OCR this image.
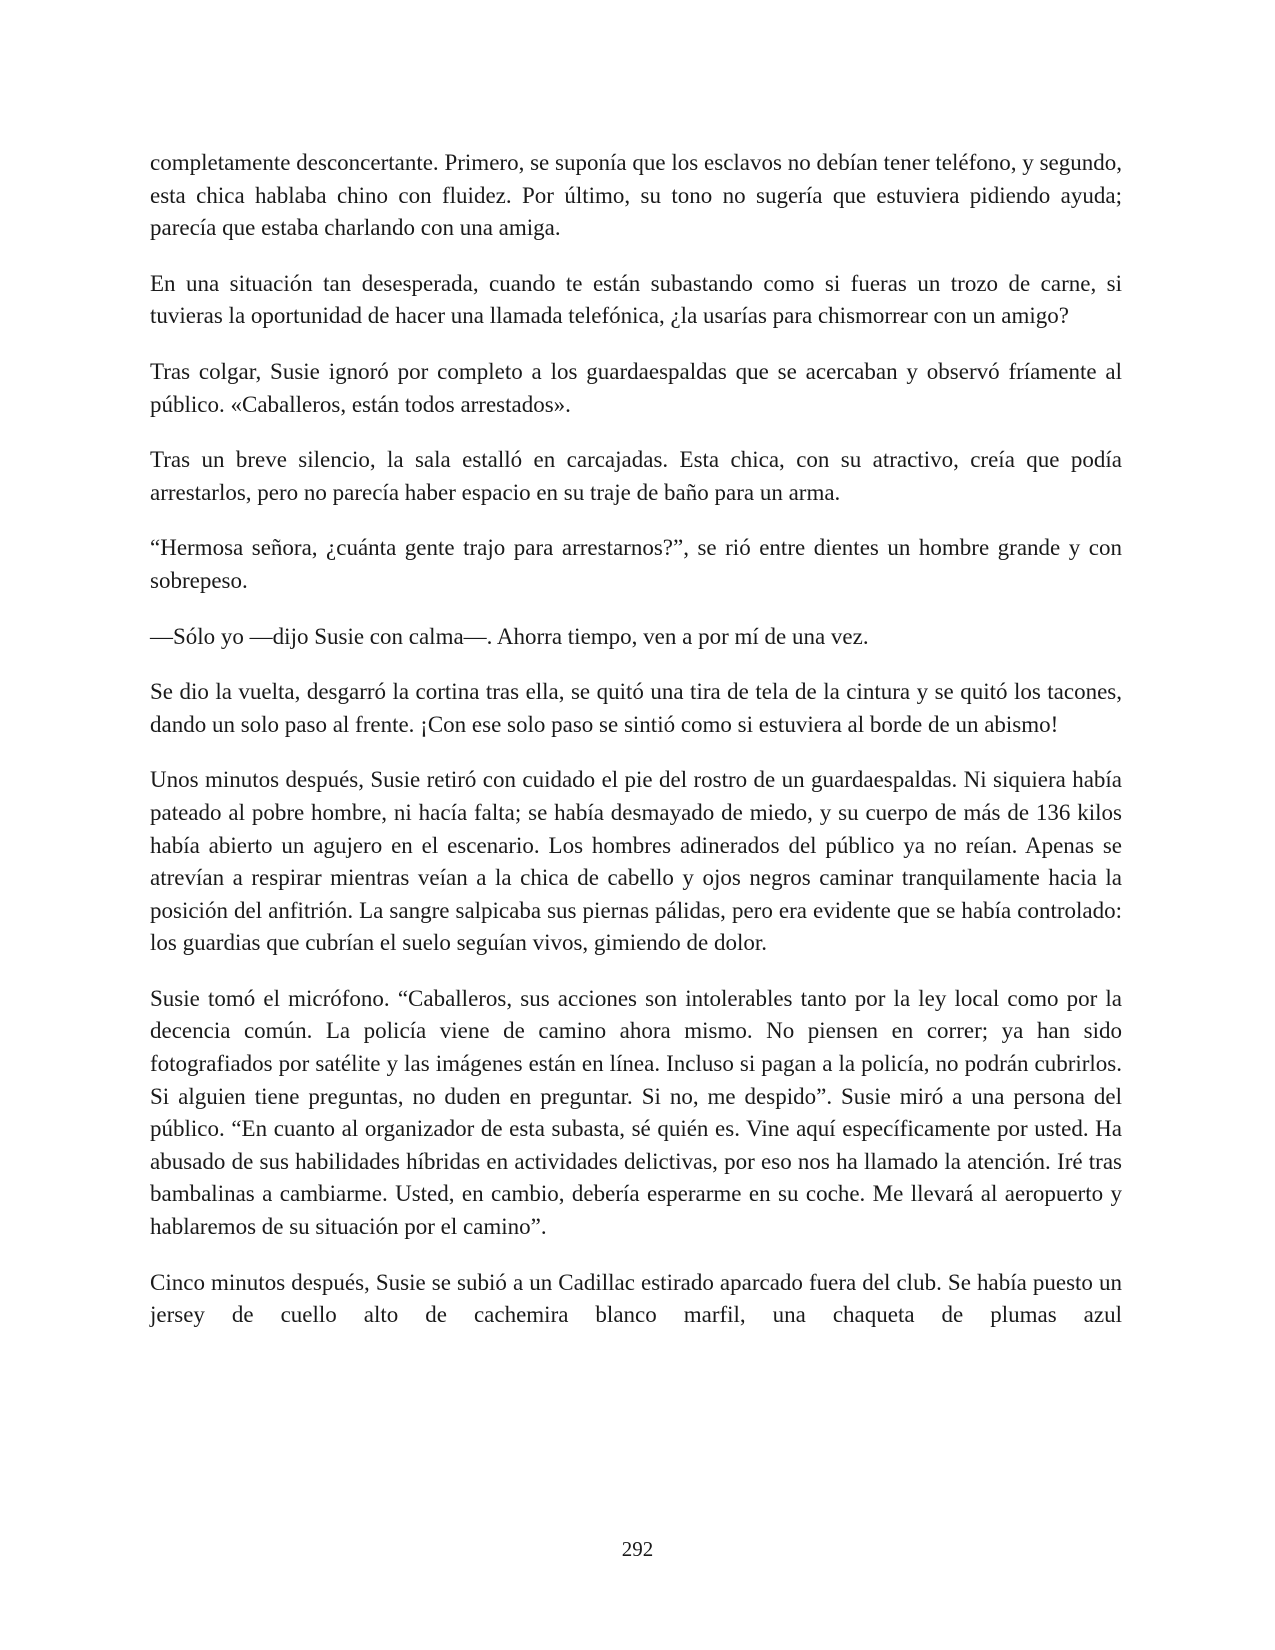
completamente desconcertante. Primero, se suponía que los esclavos no debían tener teléfono, y segundo, esta chica hablaba chino con fluidez. Por último, su tono no sugería que estuviera pidiendo ayuda; parecía que estaba charlando con una amiga.

En una situación tan desesperada, cuando te están subastando como si fueras un trozo de carne, si tuvieras la oportunidad de hacer una llamada telefónica, ¿la usarías para chismorrear con un amigo?

Tras colgar, Susie ignoró por completo a los guardaespaldas que se acercaban y observó fríamente al público. «Caballeros, están todos arrestados».

Tras un breve silencio, la sala estalló en carcajadas. Esta chica, con su atractivo, creía que podía arrestarlos, pero no parecía haber espacio en su traje de baño para un arma.

“Hermosa señora, ¿cuánta gente trajo para arrestarnos?”, se rió entre dientes un hombre grande y con sobrepeso.

—Sólo yo —dijo Susie con calma—. Ahorra tiempo, ven a por mí de una vez.

Se dio la vuelta, desgarró la cortina tras ella, se quitó una tira de tela de la cintura y se quitó los tacones, dando un solo paso al frente. ¡Con ese solo paso se sintió como si estuviera al borde de un abismo!

Unos minutos después, Susie retiró con cuidado el pie del rostro de un guardaespaldas. Ni siquiera había pateado al pobre hombre, ni hacía falta; se había desmayado de miedo, y su cuerpo de más de 136 kilos había abierto un agujero en el escenario. Los hombres adinerados del público ya no reían. Apenas se atrevían a respirar mientras veían a la chica de cabello y ojos negros caminar tranquilamente hacia la posición del anfitrión. La sangre salpicaba sus piernas pálidas, pero era evidente que se había controlado: los guardias que cubrían el suelo seguían vivos, gimiendo de dolor.

Susie tomó el micrófono. “Caballeros, sus acciones son intolerables tanto por la ley local como por la decencia común. La policía viene de camino ahora mismo. No piensen en correr; ya han sido fotografiados por satélite y las imágenes están en línea. Incluso si pagan a la policía, no podrán cubrirlos. Si alguien tiene preguntas, no duden en preguntar. Si no, me despido”. Susie miró a una persona del público. “En cuanto al organizador de esta subasta, sé quién es. Vine aquí específicamente por usted. Ha abusado de sus habilidades híbridas en actividades delictivas, por eso nos ha llamado la atención. Iré tras bambalinas a cambiarme. Usted, en cambio, debería esperarme en su coche. Me llevará al aeropuerto y hablaremos de su situación por el camino”.

Cinco minutos después, Susie se subió a un Cadillac estirado aparcado fuera del club. Se había puesto un jersey de cuello alto de cachemira blanco marfil, una chaqueta de plumas azul

292
